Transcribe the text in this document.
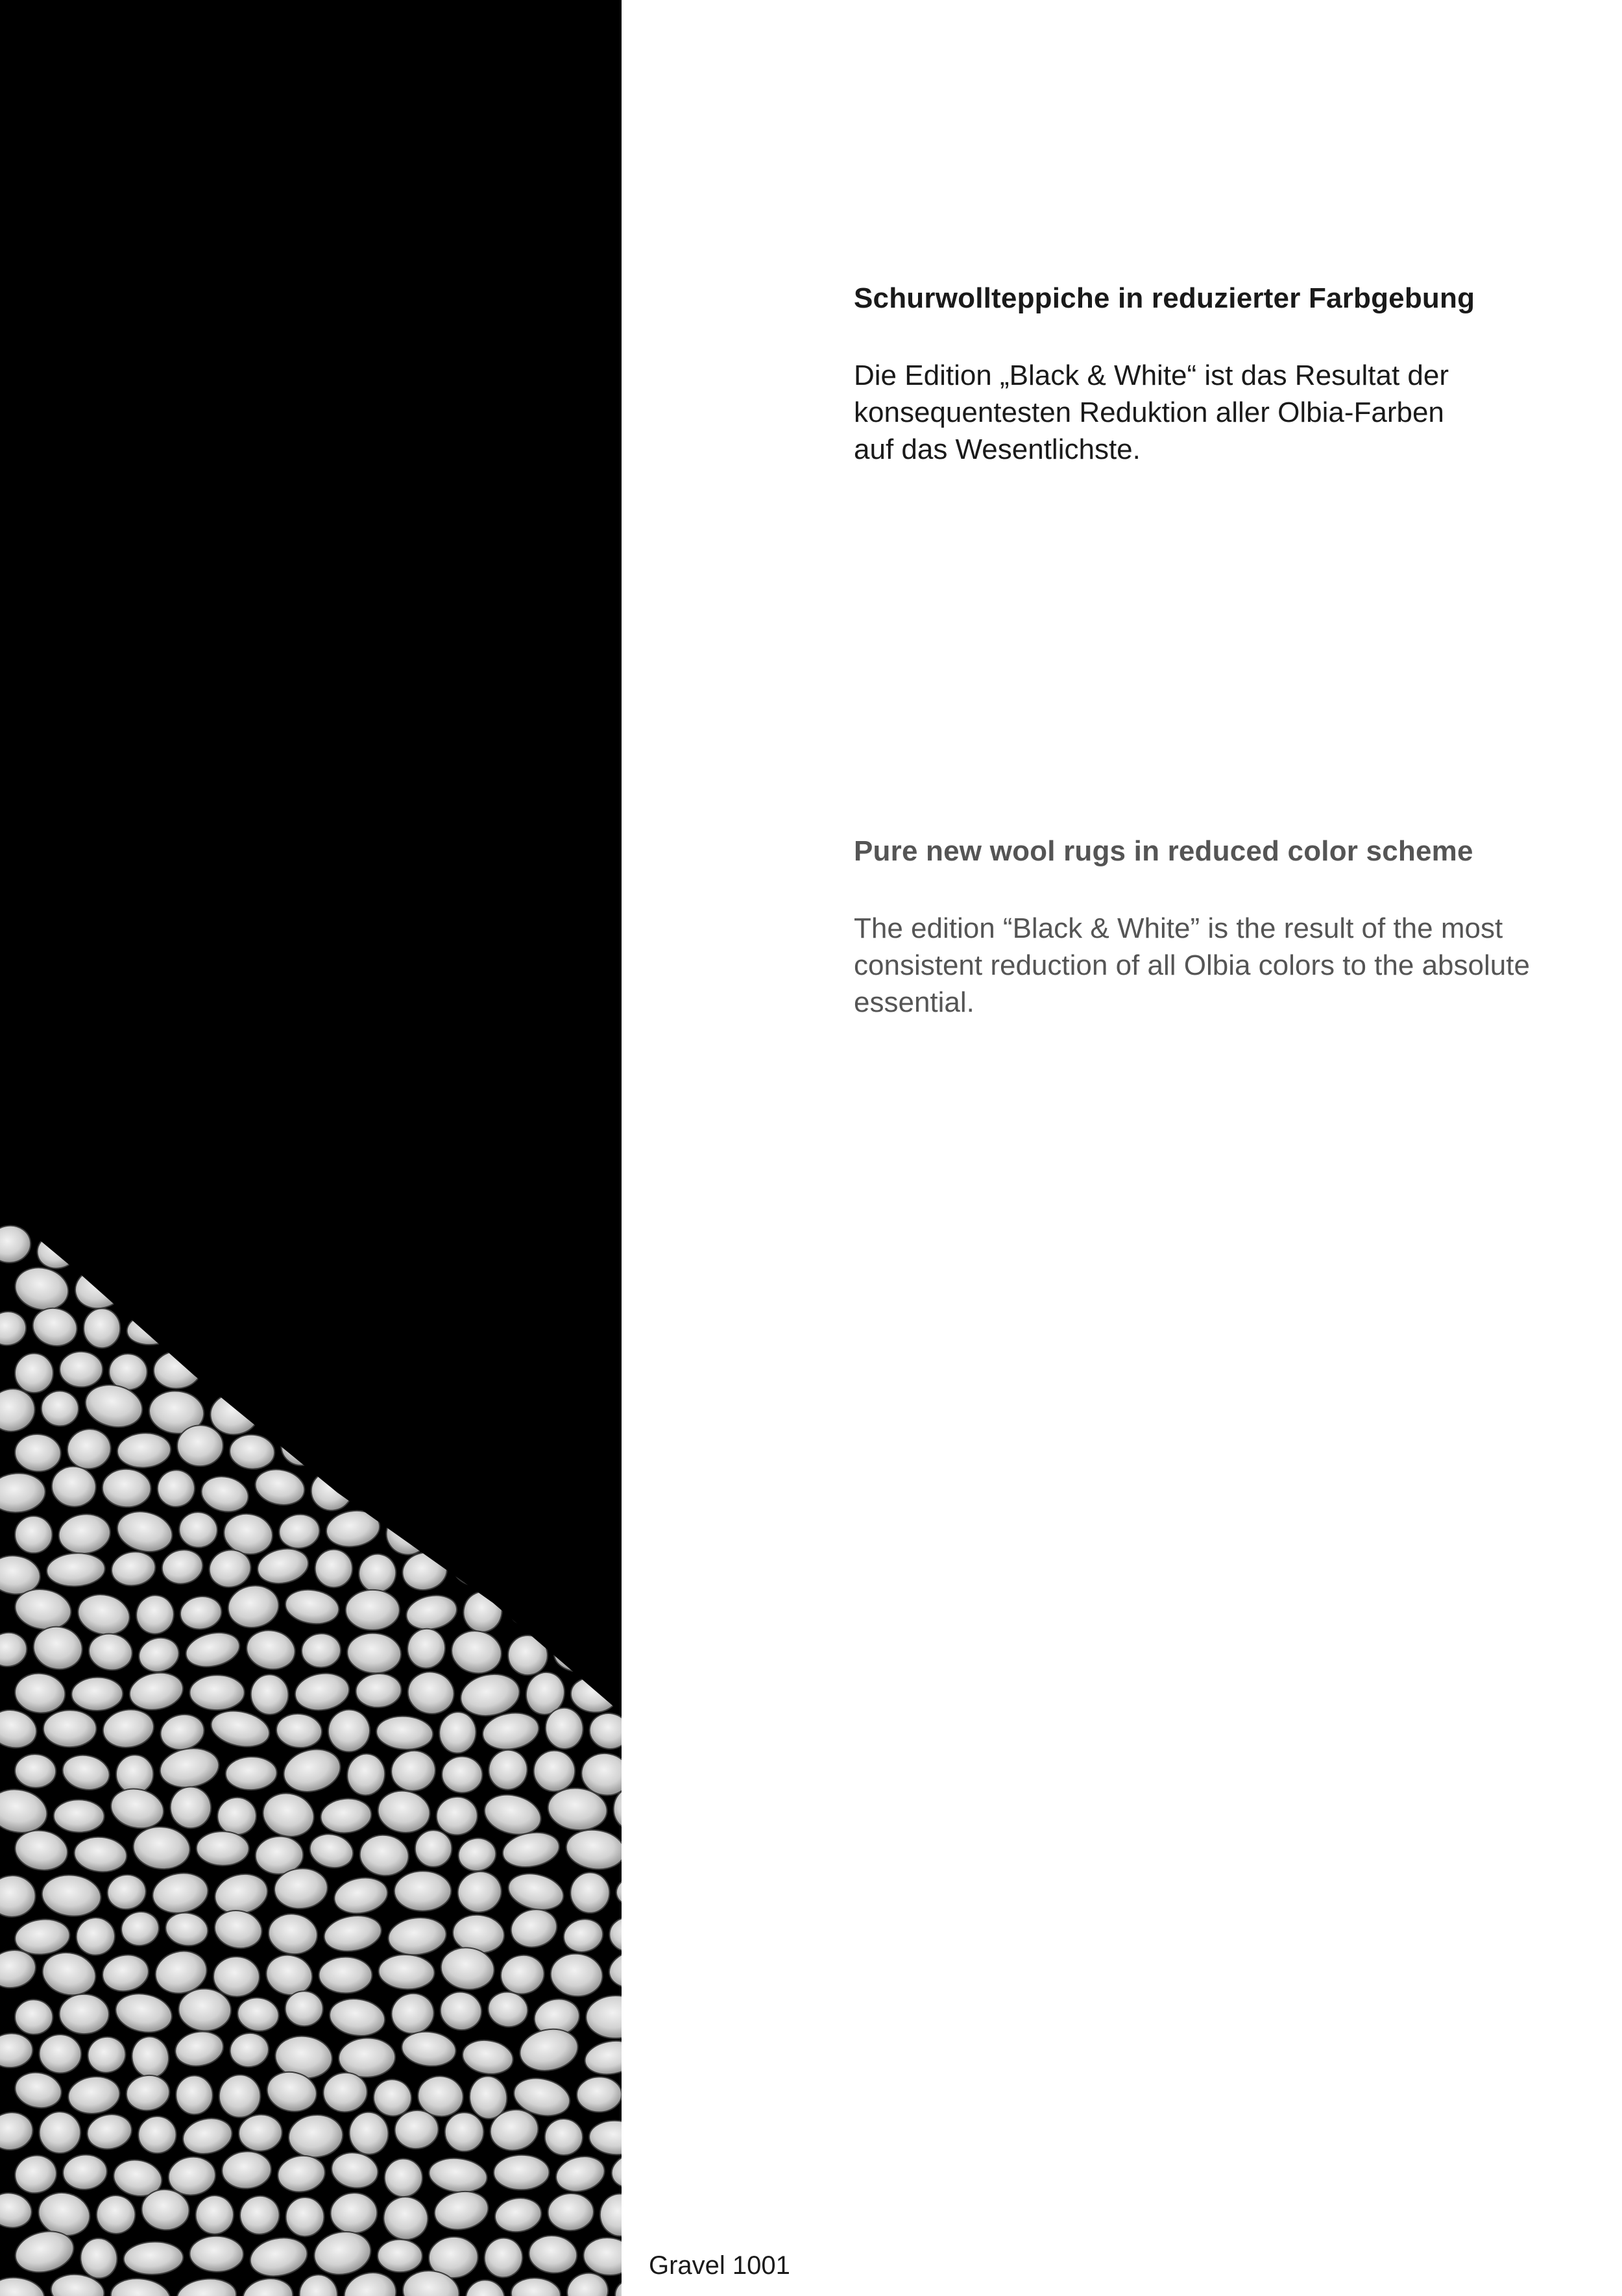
Schurwollteppiche in reduzierter Farbgebung

Die Edition „Black & White“ ist das Resultat der
konsequentesten Reduktion aller Olbia-Farben
auf das Wesentlichste.

Pure new wool rugs in reduced color scheme

The edition “Black & White” is the result of the most
consistent reduction of all Olbia colors to the absolute
essential.

Gravel 1001
